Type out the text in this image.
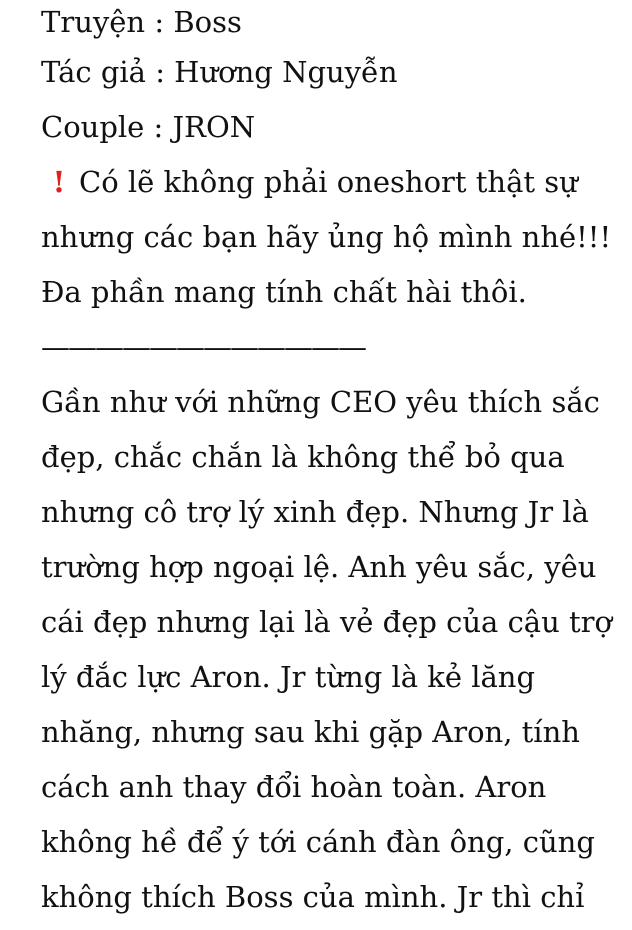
Truyện : Boss
Tác giả : Hương Nguyễn
Couple : JRON
! Có lẽ không phải oneshort thật sự
nhưng các bạn hãy ủng hộ mình nhé!!!
Đa phần mang tính chất hài thôi.
————————————
Gần như với những CEO yêu thích sắc
đẹp, chắc chắn là không thể bỏ qua
nhưng cô trợ lý xinh đẹp. Nhưng Jr là
trường hợp ngoại lệ. Anh yêu sắc, yêu
cái đẹp nhưng lại là vẻ đẹp của cậu trợ
lý đắc lực Aron. Jr từng là kẻ lăng
nhăng, nhưng sau khi gặp Aron, tính
cách anh thay đổi hoàn toàn. Aron
không hề để ý tới cánh đàn ông, cũng
không thích Boss của mình. Jr thì chỉ
